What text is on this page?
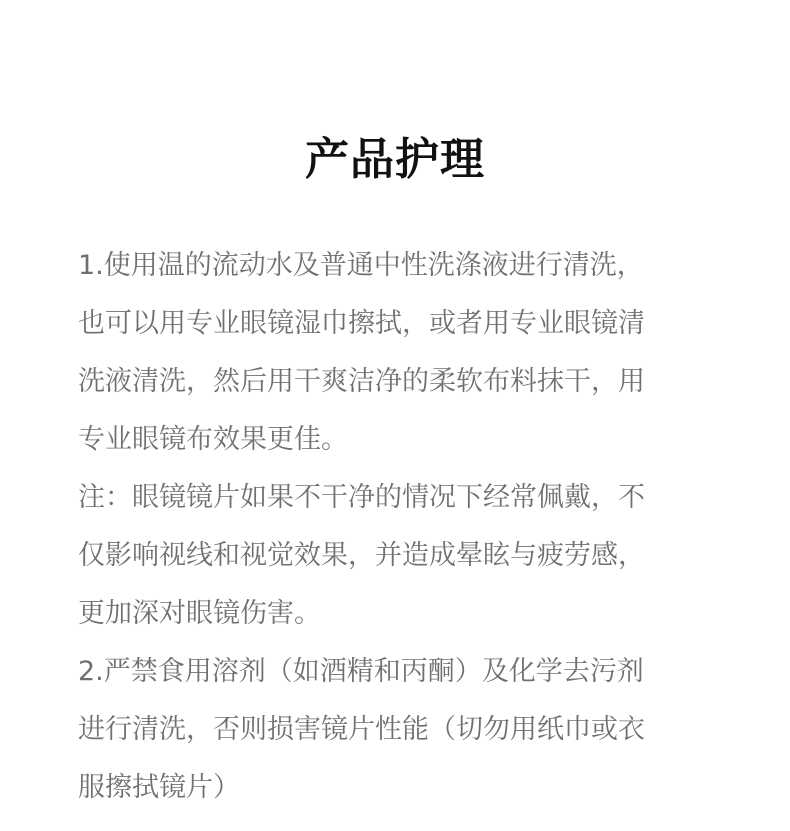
产品护理
1.使用温的流动水及普通中性洗涤液进行清洗，
也可以用专业眼镜湿巾擦拭，或者用专业眼镜清
洗液清洗，然后用干爽洁净的柔软布料抹干，用
专业眼镜布效果更佳。
注：眼镜镜片如果不干净的情况下经常佩戴，不
仅影响视线和视觉效果，并造成晕眩与疲劳感，
更加深对眼镜伤害。
2.严禁食用溶剂（如酒精和丙酮）及化学去污剂
进行清洗，否则损害镜片性能（切勿用纸巾或衣
服擦拭镜片）
